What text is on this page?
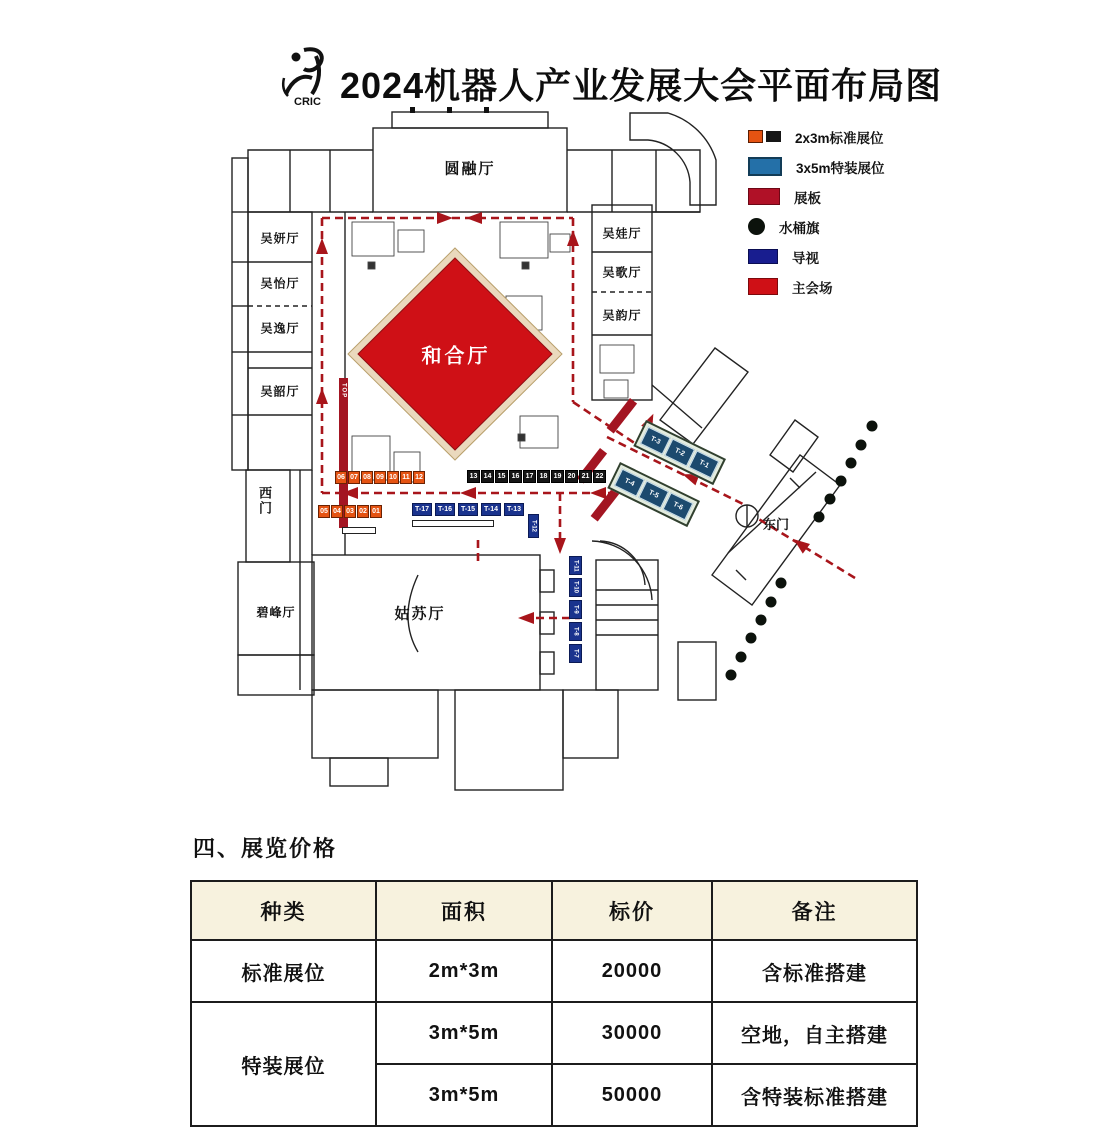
CRIC 2024机器人产业发展大会平面布局图
2x3m标准展位
3x5m特装展位
展板
水桶旗
导视
主会场
圆融厅
和合厅
姑苏厅
碧峰厅
吴妍厅
吴怡厅
吴逸厅
吴韶厅
吴娃厅
吴歌厅
吴韵厅
西门
东门
TOP
06 07 08 09 10 11 12	13 14 15 16 17 18 19 20 21 22
05 04 03 02 01	T-17	T-16	T-15	T-14	T-13
T-12
T-11
T-10
T-9
T-8
T-7
T-3
T-2
T-1
T-4
T-5
T-6
四、展览价格
种类	面积	标价	备注
标准展位	2m*3m	20000	含标准搭建
特装展位	3m*5m	30000	空地，自主搭建
	3m*5m	50000	含特装标准搭建
